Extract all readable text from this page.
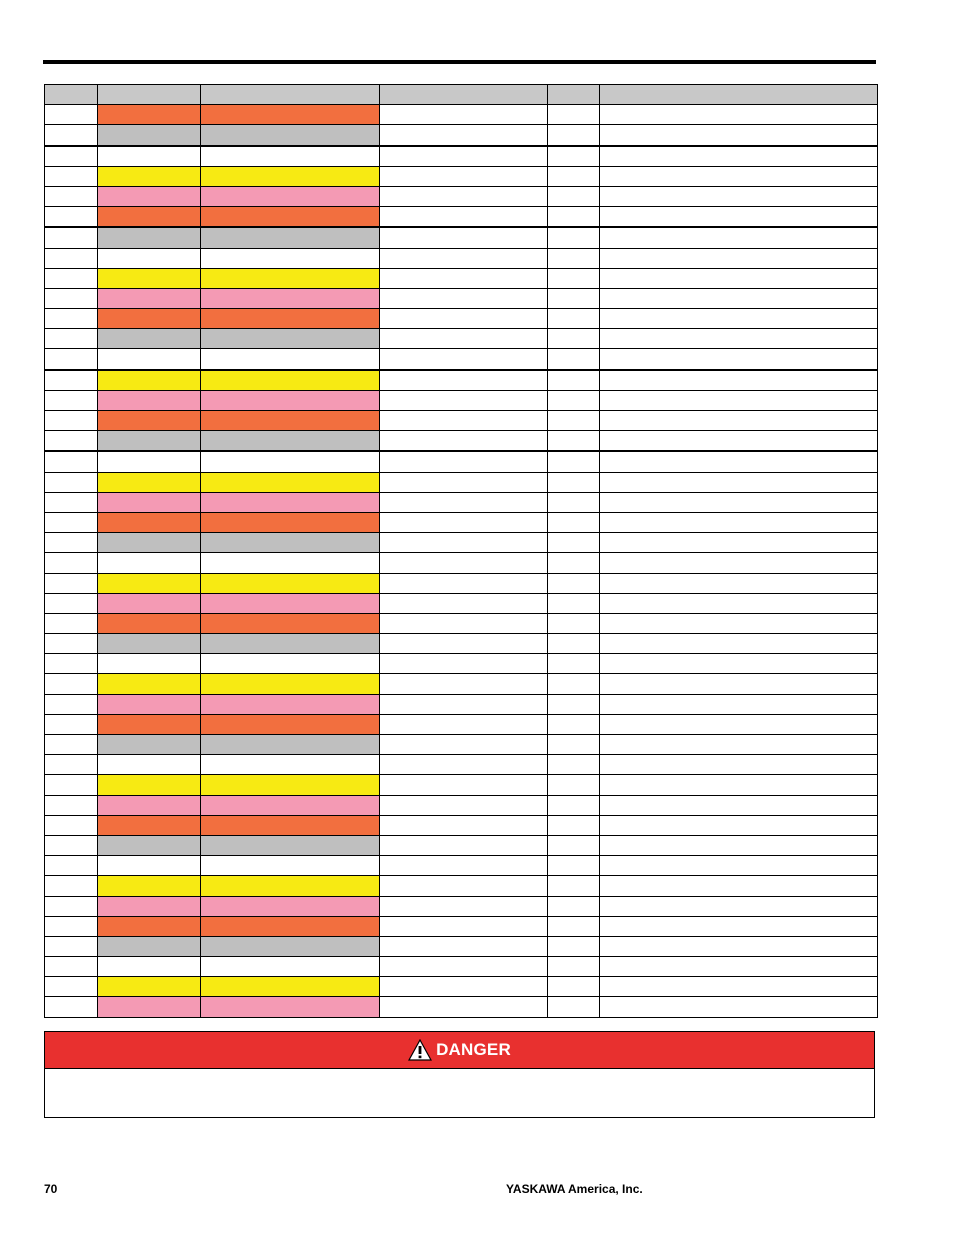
DANGER
70	YASKAWA America, Inc.
